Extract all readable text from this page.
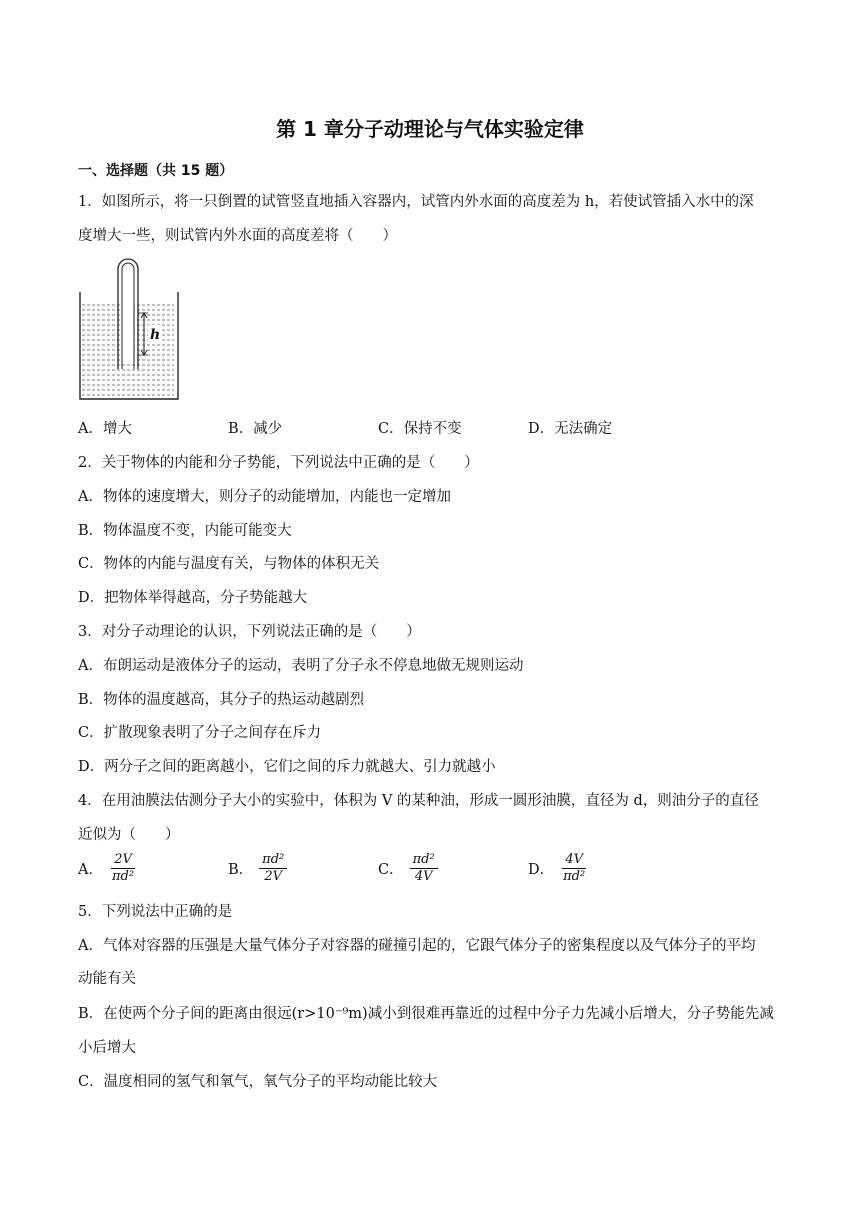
第 1 章分子动理论与气体实验定律
一、选择题（共 15 题）
1．如图所示，将一只倒置的试管竖直地插入容器内，试管内外水面的高度差为 h，若使试管插入水中的深
度增大一些，则试管内外水面的高度差将（　　）
h
A．增大	B．减少	C．保持不变	D．无法确定
2．关于物体的内能和分子势能，下列说法中正确的是（　　）
A．物体的速度增大，则分子的动能增加，内能也一定增加
B．物体温度不变，内能可能变大
C．物体的内能与温度有关，与物体的体积无关
D．把物体举得越高，分子势能越大
3．对分子动理论的认识，下列说法正确的是（　　）
A．布朗运动是液体分子的运动，表明了分子永不停息地做无规则运动
B．物体的温度越高，其分子的热运动越剧烈
C．扩散现象表明了分子之间存在斥力
D．两分子之间的距离越小，它们之间的斥力就越大、引力就越小
4．在用油膜法估测分子大小的实验中，体积为 V 的某种油，形成一圆形油膜，直径为 d，则油分子的直径
近似为（　　）
A． $\frac{2V}{\text{πd²}}$	B． $\frac{\text{πd²}}{2V}$	C． $\frac{\text{πd²}}{4V}$	D． $\frac{4V}{\text{πd²}}$
5．下列说法中正确的是
A．气体对容器的压强是大量气体分子对容器的碰撞引起的，它跟气体分子的密集程度以及气体分子的平均
动能有关
B．在使两个分子间的距离由很远(r>10⁻⁹m)减小到很难再靠近的过程中分子力先减小后增大，分子势能先减
小后增大
C．温度相同的氢气和氧气，氧气分子的平均动能比较大
